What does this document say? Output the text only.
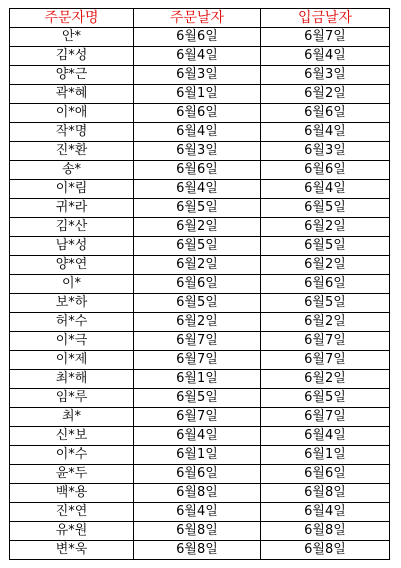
주문자명	주문날자	입금날자
안*	6월6일	6월7일
김*성	6월4일	6월4일
양*근	6월3일	6월3일
곽*혜	6월1일	6월2일
이*애	6월6일	6월6일
작*명	6월4일	6월4일
진*환	6월3일	6월3일
송*	6월6일	6월6일
이*림	6월4일	6월4일
귀*라	6월5일	6월5일
김*산	6월2일	6월2일
남*성	6월5일	6월5일
양*연	6월2일	6월2일
이*	6월6일	6월6일
보*하	6월5일	6월5일
허*수	6월2일	6월2일
이*극	6월7일	6월7일
이*제	6월7일	6월7일
최*해	6월1일	6월2일
임*루	6월5일	6월5일
최*	6월7일	6월7일
신*보	6월4일	6월4일
이*수	6월1일	6월1일
윤*두	6월6일	6월6일
백*용	6월8일	6월8일
진*연	6월4일	6월4일
유*원	6월8일	6월8일
변*욱	6월8일	6월8일
